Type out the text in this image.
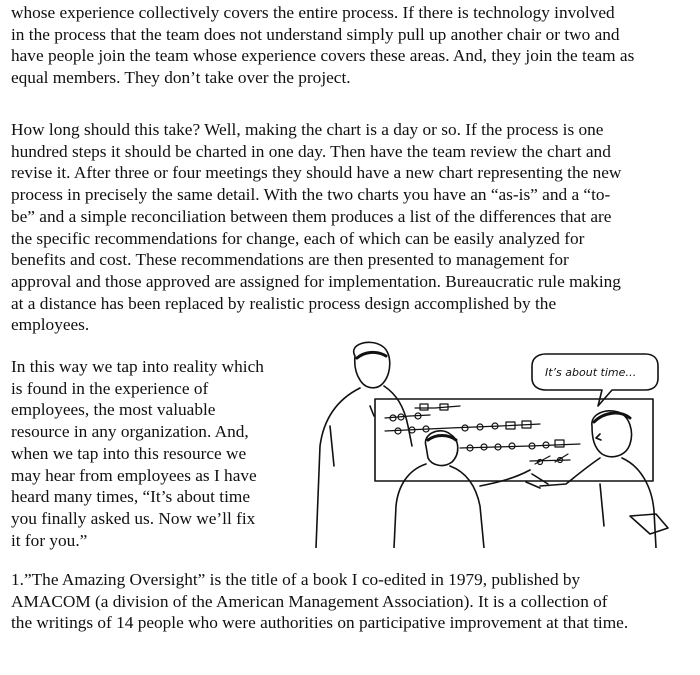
whose experience collectively covers the entire process. If there is technology involved
in the process that the team does not understand simply pull up another chair or two and
have people join the team whose experience covers these areas. And, they join the team as
equal members. They don’t take over the project.
How long should this take? Well, making the chart is a day or so. If the process is one
hundred steps it should be charted in one day. Then have the team review the chart and
revise it. After three or four meetings they should have a new chart representing the new
process in precisely the same detail. With the two charts you have an “as-is” and a “to-
be” and a simple reconciliation between them produces a list of the differences that are
the specific recommendations for change, each of which can be easily analyzed for
benefits and cost. These recommendations are then presented to management for
approval and those approved are assigned for implementation. Bureaucratic rule making
at a distance has been replaced by realistic process design accomplished by the
employees.
In this way we tap into reality which
is found in the experience of
employees, the most valuable
resource in any organization. And,
when we tap into this resource we
may hear from employees as I have
heard many times, “It’s about time
you finally asked us. Now we’ll fix
it for you.”
It’s about time…
1.”The Amazing Oversight” is the title of a book I co-edited in 1979, published by
AMACOM (a division of the American Management Association). It is a collection of
the writings of 14 people who were authorities on participative improvement at that time.
